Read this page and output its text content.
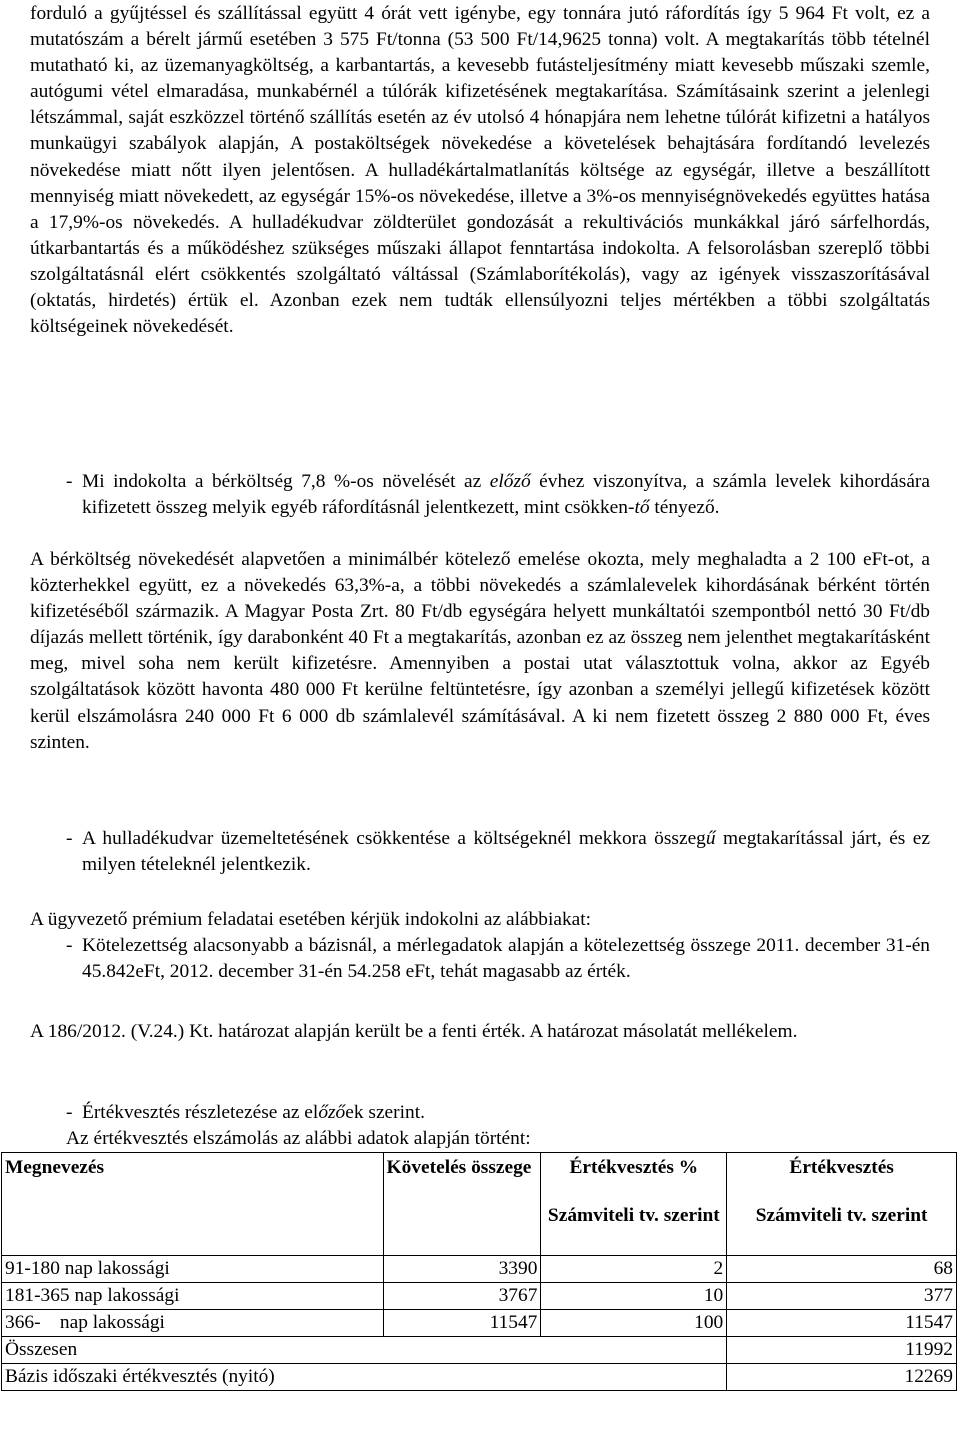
forduló a gyűjtéssel és szállítással együtt 4 órát vett igénybe, egy tonnára jutó ráfordítás így 5 964 Ft volt, ez a mutatószám a bérelt jármű esetében 3 575 Ft/tonna (53 500 Ft/14,9625 tonna) volt. A megtakarítás több tételnél mutatható ki, az üzemanyagköltség, a karbantartás, a kevesebb futásteljesítmény miatt kevesebb műszaki szemle, autógumi vétel elmaradása, munkabérnél a túlórák kifizetésének megtakarítása. Számításaink szerint a jelenlegi létszámmal, saját eszközzel történő szállítás esetén az év utolsó 4 hónapjára nem lehetne túlórát kifizetni a hatályos munkaügyi szabályok alapján, A postaköltségek növekedése a követelések behajtására fordítandó levelezés növekedése miatt nőtt ilyen jelentősen. A hulladékártalmatlanítás költsége az egységár, illetve a beszállított mennyiség miatt növekedett, az egységár 15%-os növekedése, illetve a 3%-os mennyiségnövekedés együttes hatása a 17,9%-os növekedés. A hulladékudvar zöldterület gondozását a rekultivációs munkákkal járó sárfelhordás, útkarbantartás és a működéshez szükséges műszaki állapot fenntartása indokolta. A felsorolásban szereplő többi szolgáltatásnál elért csökkentés szolgáltató váltással (Számlaborítékolás), vagy az igények visszaszorításával (oktatás, hirdetés) értük el. Azonban ezek nem tudták ellensúlyozni teljes mértékben a többi szolgáltatás költségeinek növekedését.

- Mi indokolta a bérköltség 7,8 %-os növelését az előző évhez viszonyítva, a számla levelek kihordására kifizetett összeg melyik egyéb ráfordításnál jelentkezett, mint csökken-tő tényező.

A bérköltség növekedését alapvetően a minimálbér kötelező emelése okozta, mely meghaladta a 2 100 eFt-ot, a közterhekkel együtt, ez a növekedés 63,3%-a, a többi növekedés a számlalevelek kihordásának bérként történ kifizetéséből származik. A Magyar Posta Zrt. 80 Ft/db egységára helyett munkáltatói szempontból nettó 30 Ft/db díjazás mellett történik, így darabonként 40 Ft a megtakarítás, azonban ez az összeg nem jelenthet megtakarításként meg, mivel soha nem került kifizetésre. Amennyiben a postai utat választottuk volna, akkor az Egyéb szolgáltatások között havonta 480 000 Ft kerülne feltüntetésre, így azonban a személyi jellegű kifizetések között kerül elszámolásra 240 000 Ft 6 000 db számlalevél számításával. A ki nem fizetett összeg 2 880 000 Ft, éves szinten.

- A hulladékudvar üzemeltetésének csökkentése a költségeknél mekkora összegű megtakarítással járt, és ez milyen tételeknél jelentkezik.

A ügyvezető prémium feladatai esetében kérjük indokolni az alábbiakat:

- Kötelezettség alacsonyabb a bázisnál, a mérlegadatok alapján a kötelezettség összege 2011. december 31-én 45.842eFt, 2012. december 31-én 54.258 eFt, tehát magasabb az érték.

A 186/2012. (V.24.) Kt. határozat alapján került be a fenti érték. A határozat másolatát mellékelem.

- Értékvesztés részletezése az előzőek szerint.

Az értékvesztés elszámolás az alábbi adatok alapján történt:

Megnevezés	Követelés összege	Értékvesztés %	Értékvesztés
		Számviteli tv. szerint	Számviteli tv. szerint
91-180 nap lakossági	3390	2	68
181-365 nap lakossági	3767	10	377
366-    nap lakossági	11547	100	11547
Összesen			11992
Bázis időszaki értékvesztés (nyitó)			12269
